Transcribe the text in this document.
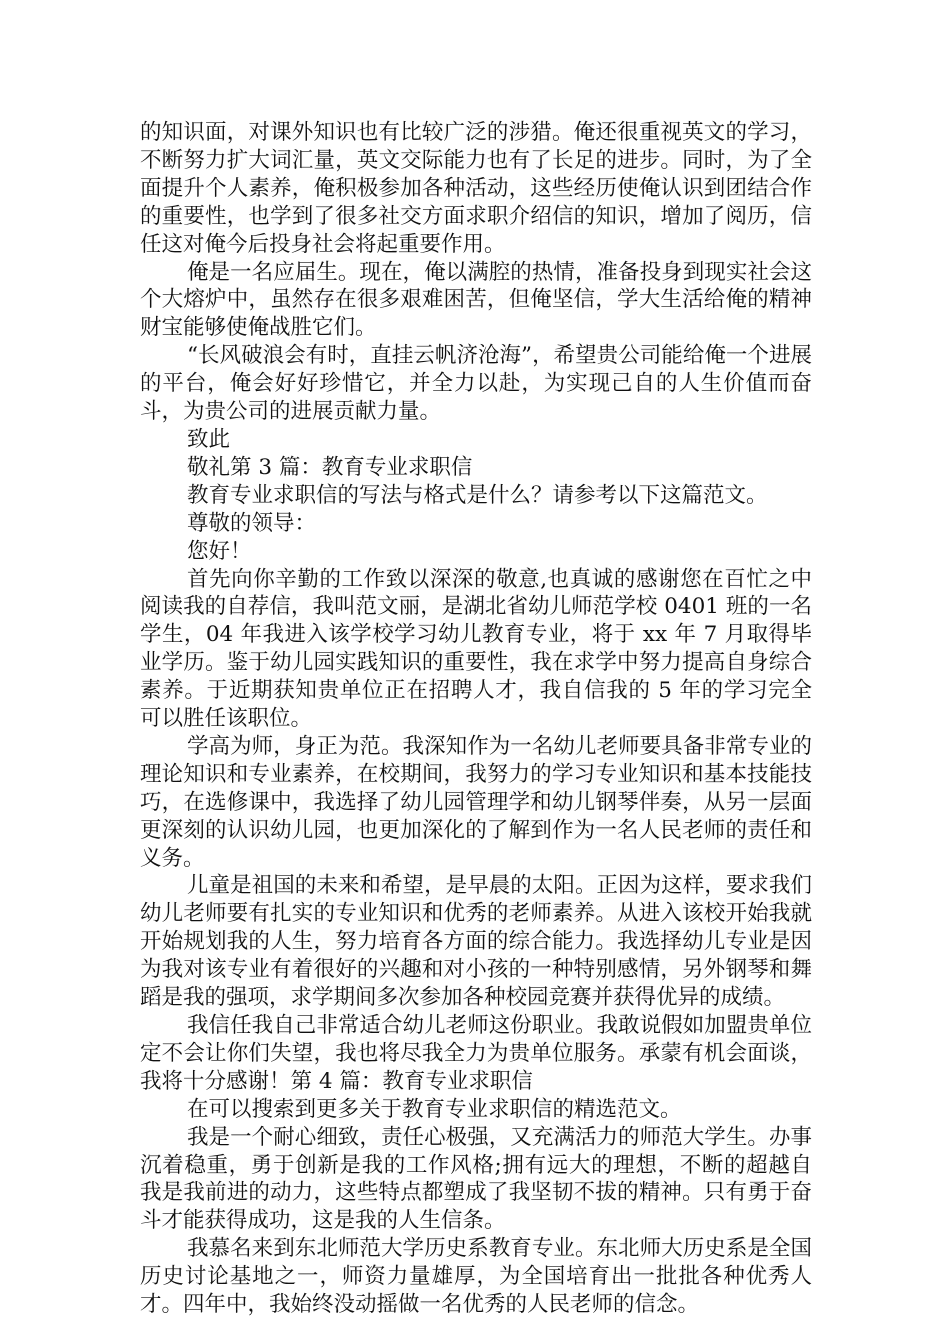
的知识面，对课外知识也有比较广泛的涉猎。俺还很重视英文的学习，不断努力扩大词汇量，英文交际能力也有了长足的进步。同时，为了全面提升个人素养，俺积极参加各种活动，这些经历使俺认识到团结合作的重要性，也学到了很多社交方面求职介绍信的知识，增加了阅历，信任这对俺今后投身社会将起重要作用。

俺是一名应届生。现在，俺以满腔的热情，准备投身到现实社会这个大熔炉中，虽然存在很多艰难困苦，但俺坚信，学大生活给俺的精神财宝能够使俺战胜它们。

“长风破浪会有时，直挂云帆济沧海”，希望贵公司能给俺一个进展的平台，俺会好好珍惜它，并全力以赴，为实现己自的人生价值而奋斗，为贵公司的进展贡献力量。

致此

敬礼第 3 篇：教育专业求职信

教育专业求职信的写法与格式是什么？请参考以下这篇范文。

尊敬的领导：

您好！

首先向你辛勤的工作致以深深的敬意,也真诚的感谢您在百忙之中阅读我的自荐信，我叫范文丽，是湖北省幼儿师范学校 0401 班的一名学生，04 年我进入该学校学习幼儿教育专业，将于 xx 年 7 月取得毕业学历。鉴于幼儿园实践知识的重要性，我在求学中努力提高自身综合素养。于近期获知贵单位正在招聘人才，我自信我的 5 年的学习完全可以胜任该职位。

学高为师，身正为范。我深知作为一名幼儿老师要具备非常专业的理论知识和专业素养，在校期间，我努力的学习专业知识和基本技能技巧，在选修课中，我选择了幼儿园管理学和幼儿钢琴伴奏，从另一层面更深刻的认识幼儿园，也更加深化的了解到作为一名人民老师的责任和义务。

儿童是祖国的未来和希望，是早晨的太阳。正因为这样，要求我们幼儿老师要有扎实的专业知识和优秀的老师素养。从进入该校开始我就开始规划我的人生，努力培育各方面的综合能力。我选择幼儿专业是因为我对该专业有着很好的兴趣和对小孩的一种特别感情，另外钢琴和舞蹈是我的强项，求学期间多次参加各种校园竞赛并获得优异的成绩。

我信任我自己非常适合幼儿老师这份职业。我敢说假如加盟贵单位定不会让你们失望，我也将尽我全力为贵单位服务。承蒙有机会面谈，我将十分感谢！第 4 篇：教育专业求职信

在可以搜索到更多关于教育专业求职信的精选范文。

我是一个耐心细致，责任心极强，又充满活力的师范大学生。办事沉着稳重，勇于创新是我的工作风格;拥有远大的理想，不断的超越自我是我前进的动力，这些特点都塑成了我坚韧不拔的精神。只有勇于奋斗才能获得成功，这是我的人生信条。

我慕名来到东北师范大学历史系教育专业。东北师大历史系是全国历史讨论基地之一，师资力量雄厚，为全国培育出一批批各种优秀人才。四年中，我始终没动摇做一名优秀的人民老师的信念。
